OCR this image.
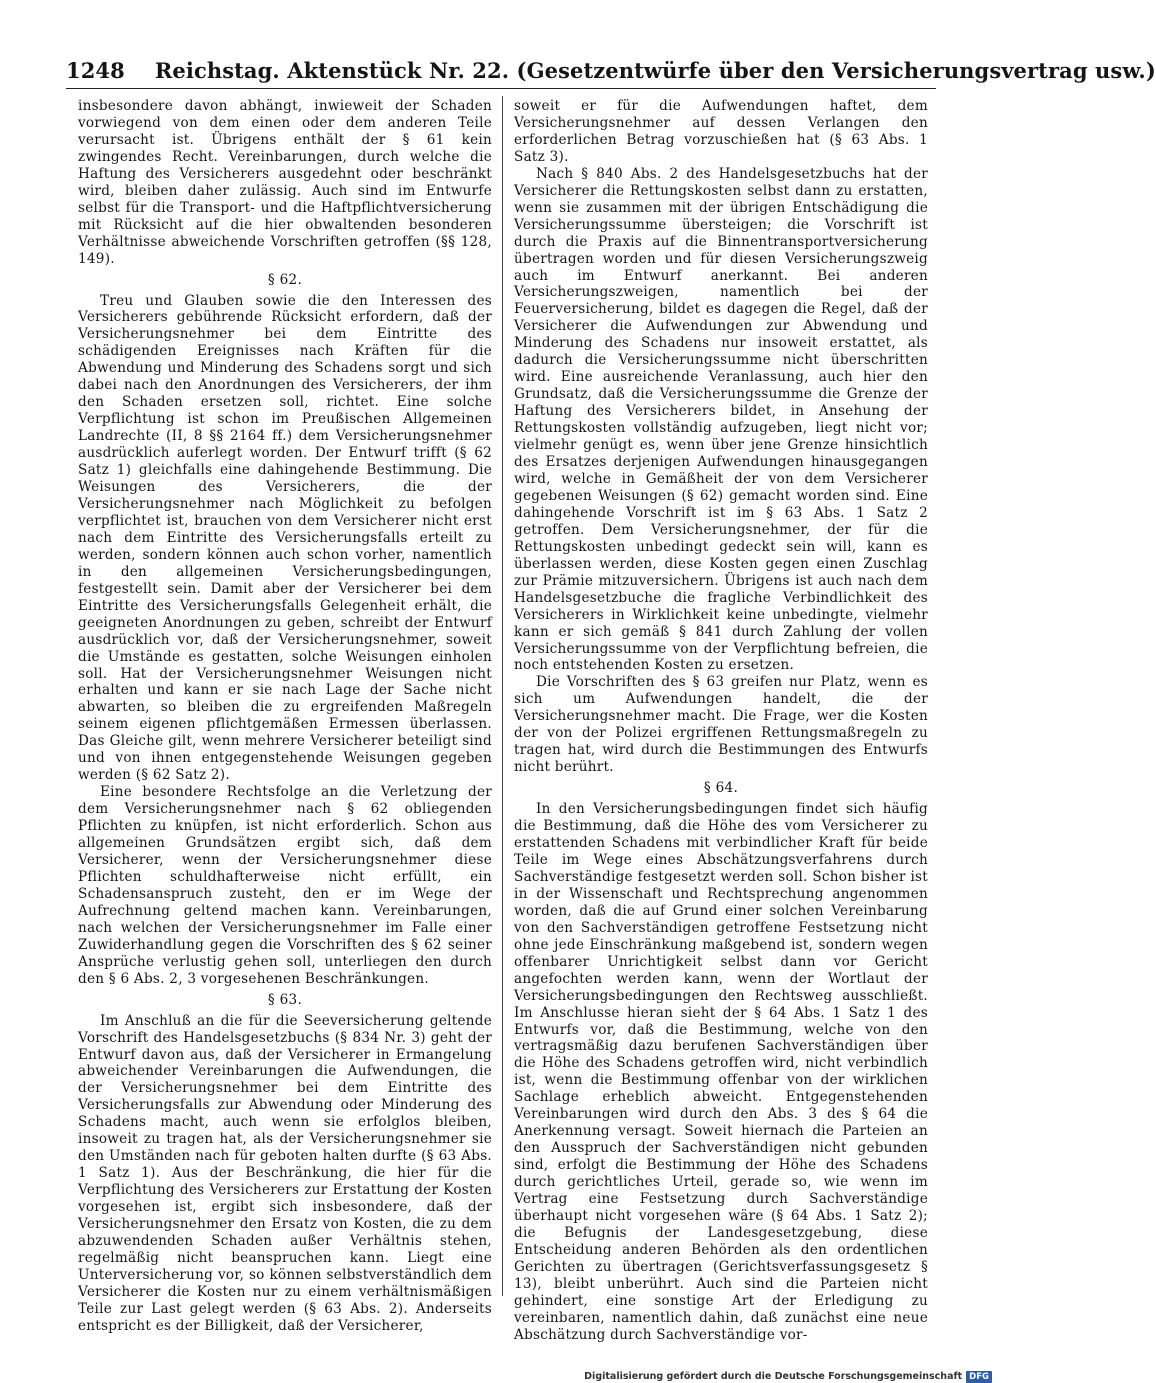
1248 Reichstag. Aktenstück Nr. 22. (Gesetzentwürfe über den Versicherungsvertrag usw.)

insbesondere davon abhängt, inwieweit der Schaden vorwiegend von dem einen oder dem anderen Teile verursacht ist. Übrigens enthält der § 61 kein zwingendes Recht. Vereinbarungen, durch welche die Haftung des Versicherers ausgedehnt oder beschränkt wird, bleiben daher zulässig. Auch sind im Entwurfe selbst für die Transport- und die Haftpflichtversicherung mit Rücksicht auf die hier obwaltenden besonderen Verhältnisse abweichende Vorschriften getroffen (§§ 128, 149).

§ 62.

Treu und Glauben sowie die den Interessen des Versicherers gebührende Rücksicht erfordern, daß der Versicherungsnehmer bei dem Eintritte des schädigenden Ereignisses nach Kräften für die Abwendung und Minderung des Schadens sorgt und sich dabei nach den Anordnungen des Versicherers, der ihm den Schaden ersetzen soll, richtet. Eine solche Verpflichtung ist schon im Preußischen Allgemeinen Landrechte (II, 8 §§ 2164 ff.) dem Versicherungsnehmer ausdrücklich auferlegt worden. Der Entwurf trifft (§ 62 Satz 1) gleichfalls eine dahingehende Bestimmung. Die Weisungen des Versicherers, die der Versicherungsnehmer nach Möglichkeit zu befolgen verpflichtet ist, brauchen von dem Versicherer nicht erst nach dem Eintritte des Versicherungsfalls erteilt zu werden, sondern können auch schon vorher, namentlich in den allgemeinen Versicherungsbedingungen, festgestellt sein. Damit aber der Versicherer bei dem Eintritte des Versicherungsfalls Gelegenheit erhält, die geeigneten Anordnungen zu geben, schreibt der Entwurf ausdrücklich vor, daß der Versicherungsnehmer, soweit die Umstände es gestatten, solche Weisungen einholen soll. Hat der Versicherungsnehmer Weisungen nicht erhalten und kann er sie nach Lage der Sache nicht abwarten, so bleiben die zu ergreifenden Maßregeln seinem eigenen pflichtgemäßen Ermessen überlassen. Das Gleiche gilt, wenn mehrere Versicherer beteiligt sind und von ihnen entgegenstehende Weisungen gegeben werden (§ 62 Satz 2).

Eine besondere Rechtsfolge an die Verletzung der dem Versicherungsnehmer nach § 62 obliegenden Pflichten zu knüpfen, ist nicht erforderlich. Schon aus allgemeinen Grundsätzen ergibt sich, daß dem Versicherer, wenn der Versicherungsnehmer diese Pflichten schuldhafterweise nicht erfüllt, ein Schadensanspruch zusteht, den er im Wege der Aufrechnung geltend machen kann. Vereinbarungen, nach welchen der Versicherungsnehmer im Falle einer Zuwiderhandlung gegen die Vorschriften des § 62 seiner Ansprüche verlustig gehen soll, unterliegen den durch den § 6 Abs. 2, 3 vorgesehenen Beschränkungen.

§ 63.

Im Anschluß an die für die Seeversicherung geltende Vorschrift des Handelsgesetzbuchs (§ 834 Nr. 3) geht der Entwurf davon aus, daß der Versicherer in Ermangelung abweichender Vereinbarungen die Aufwendungen, die der Versicherungsnehmer bei dem Eintritte des Versicherungsfalls zur Abwendung oder Minderung des Schadens macht, auch wenn sie erfolglos bleiben, insoweit zu tragen hat, als der Versicherungsnehmer sie den Umständen nach für geboten halten durfte (§ 63 Abs. 1 Satz 1). Aus der Beschränkung, die hier für die Verpflichtung des Versicherers zur Erstattung der Kosten vorgesehen ist, ergibt sich insbesondere, daß der Versicherungsnehmer den Ersatz von Kosten, die zu dem abzuwendenden Schaden außer Verhältnis stehen, regelmäßig nicht beanspruchen kann. Liegt eine Unterversicherung vor, so können selbstverständlich dem Versicherer die Kosten nur zu einem verhältnismäßigen Teile zur Last gelegt werden (§ 63 Abs. 2). Anderseits entspricht es der Billigkeit, daß der Versicherer,

soweit er für die Aufwendungen haftet, dem Versicherungsnehmer auf dessen Verlangen den erforderlichen Betrag vorzuschießen hat (§ 63 Abs. 1 Satz 3).

Nach § 840 Abs. 2 des Handelsgesetzbuchs hat der Versicherer die Rettungskosten selbst dann zu erstatten, wenn sie zusammen mit der übrigen Entschädigung die Versicherungssumme übersteigen; die Vorschrift ist durch die Praxis auf die Binnentransportversicherung übertragen worden und für diesen Versicherungszweig auch im Entwurf anerkannt. Bei anderen Versicherungszweigen, namentlich bei der Feuerversicherung, bildet es dagegen die Regel, daß der Versicherer die Aufwendungen zur Abwendung und Minderung des Schadens nur insoweit erstattet, als dadurch die Versicherungssumme nicht überschritten wird. Eine ausreichende Veranlassung, auch hier den Grundsatz, daß die Versicherungssumme die Grenze der Haftung des Versicherers bildet, in Ansehung der Rettungskosten vollständig aufzugeben, liegt nicht vor; vielmehr genügt es, wenn über jene Grenze hinsichtlich des Ersatzes derjenigen Aufwendungen hinausgegangen wird, welche in Gemäßheit der von dem Versicherer gegebenen Weisungen (§ 62) gemacht worden sind. Eine dahingehende Vorschrift ist im § 63 Abs. 1 Satz 2 getroffen. Dem Versicherungsnehmer, der für die Rettungskosten unbedingt gedeckt sein will, kann es überlassen werden, diese Kosten gegen einen Zuschlag zur Prämie mitzuversichern. Übrigens ist auch nach dem Handelsgesetzbuche die fragliche Verbindlichkeit des Versicherers in Wirklichkeit keine unbedingte, vielmehr kann er sich gemäß § 841 durch Zahlung der vollen Versicherungssumme von der Verpflichtung befreien, die noch entstehenden Kosten zu ersetzen.

Die Vorschriften des § 63 greifen nur Platz, wenn es sich um Aufwendungen handelt, die der Versicherungsnehmer macht. Die Frage, wer die Kosten der von der Polizei ergriffenen Rettungsmaßregeln zu tragen hat, wird durch die Bestimmungen des Entwurfs nicht berührt.

§ 64.

In den Versicherungsbedingungen findet sich häufig die Bestimmung, daß die Höhe des vom Versicherer zu erstattenden Schadens mit verbindlicher Kraft für beide Teile im Wege eines Abschätzungsverfahrens durch Sachverständige festgesetzt werden soll. Schon bisher ist in der Wissenschaft und Rechtsprechung angenommen worden, daß die auf Grund einer solchen Vereinbarung von den Sachverständigen getroffene Festsetzung nicht ohne jede Einschränkung maßgebend ist, sondern wegen offenbarer Unrichtigkeit selbst dann vor Gericht angefochten werden kann, wenn der Wortlaut der Versicherungsbedingungen den Rechtsweg ausschließt. Im Anschlusse hieran sieht der § 64 Abs. 1 Satz 1 des Entwurfs vor, daß die Bestimmung, welche von den vertragsmäßig dazu berufenen Sachverständigen über die Höhe des Schadens getroffen wird, nicht verbindlich ist, wenn die Bestimmung offenbar von der wirklichen Sachlage erheblich abweicht. Entgegenstehenden Vereinbarungen wird durch den Abs. 3 des § 64 die Anerkennung versagt. Soweit hiernach die Parteien an den Ausspruch der Sachverständigen nicht gebunden sind, erfolgt die Bestimmung der Höhe des Schadens durch gerichtliches Urteil, gerade so, wie wenn im Vertrag eine Festsetzung durch Sachverständige überhaupt nicht vorgesehen wäre (§ 64 Abs. 1 Satz 2); die Befugnis der Landesgesetzgebung, diese Entscheidung anderen Behörden als den ordentlichen Gerichten zu übertragen (Gerichtsverfassungsgesetz § 13), bleibt unberührt. Auch sind die Parteien nicht gehindert, eine sonstige Art der Erledigung zu vereinbaren, namentlich dahin, daß zunächst eine neue Abschätzung durch Sachverständige vor-

Digitalisierung gefördert durch die Deutsche Forschungsgemeinschaft DFG
